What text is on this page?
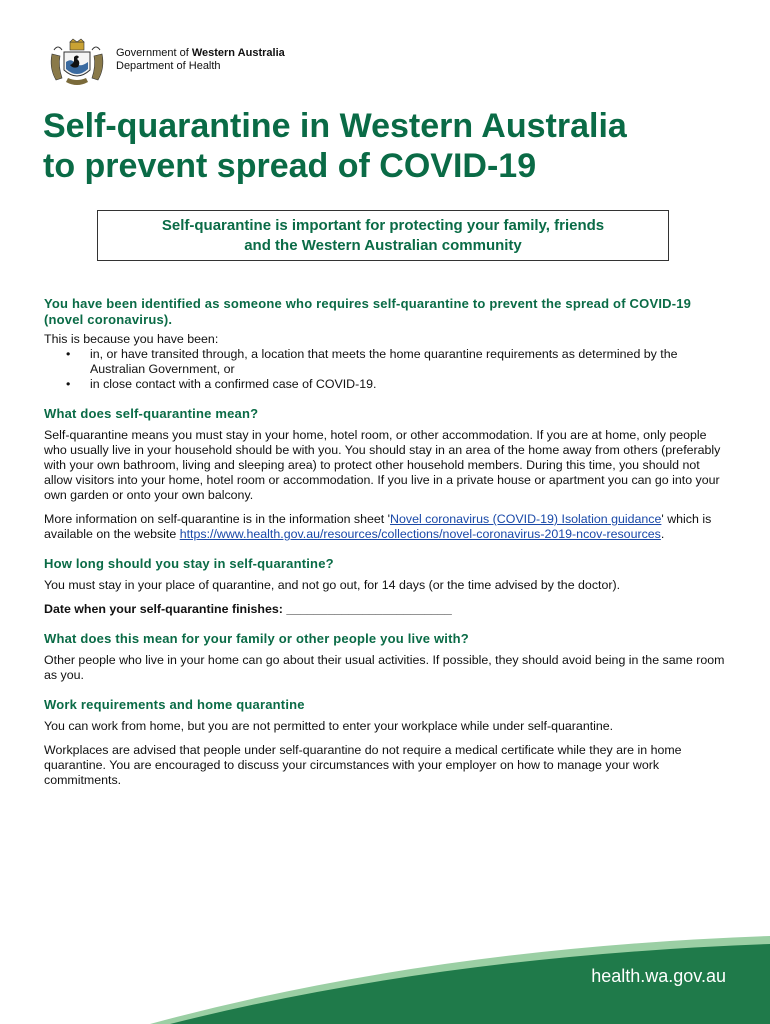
Government of Western Australia
Department of Health
Self-quarantine in Western Australia
to prevent spread of COVID-19
Self-quarantine is important for protecting your family, friends
and the Western Australian community
You have been identified as someone who requires self-quarantine to prevent the spread of COVID-19 (novel coronavirus).

This is because you have been:

• in, or have transited through, a location that meets the home quarantine requirements as determined by the Australian Government, or
• in close contact with a confirmed case of COVID-19.
What does self-quarantine mean?

Self-quarantine means you must stay in your home, hotel room, or other accommodation. If you are at home, only people who usually live in your household should be with you. You should stay in an area of the home away from others (preferably with your own bathroom, living and sleeping area) to protect other household members. During this time, you should not allow visitors into your home, hotel room or accommodation. If you live in a private house or apartment you can go into your own garden or onto your own balcony.

More information on self-quarantine is in the information sheet 'Novel coronavirus (COVID-19) Isolation guidance' which is available on the website https://www.health.gov.au/resources/collections/novel-coronavirus-2019-ncov-resources.

How long should you stay in self-quarantine?

You must stay in your place of quarantine, and not go out, for 14 days (or the time advised by the doctor).

Date when your self-quarantine finishes: ________________________

What does this mean for your family or other people you live with?

Other people who live in your home can go about their usual activities. If possible, they should avoid being in the same room as you.

Work requirements and home quarantine

You can work from home, but you are not permitted to enter your workplace while under self-quarantine.

Workplaces are advised that people under self-quarantine do not require a medical certificate while they are in home quarantine. You are encouraged to discuss your circumstances with your employer on how to manage your work commitments.

health.wa.gov.au
